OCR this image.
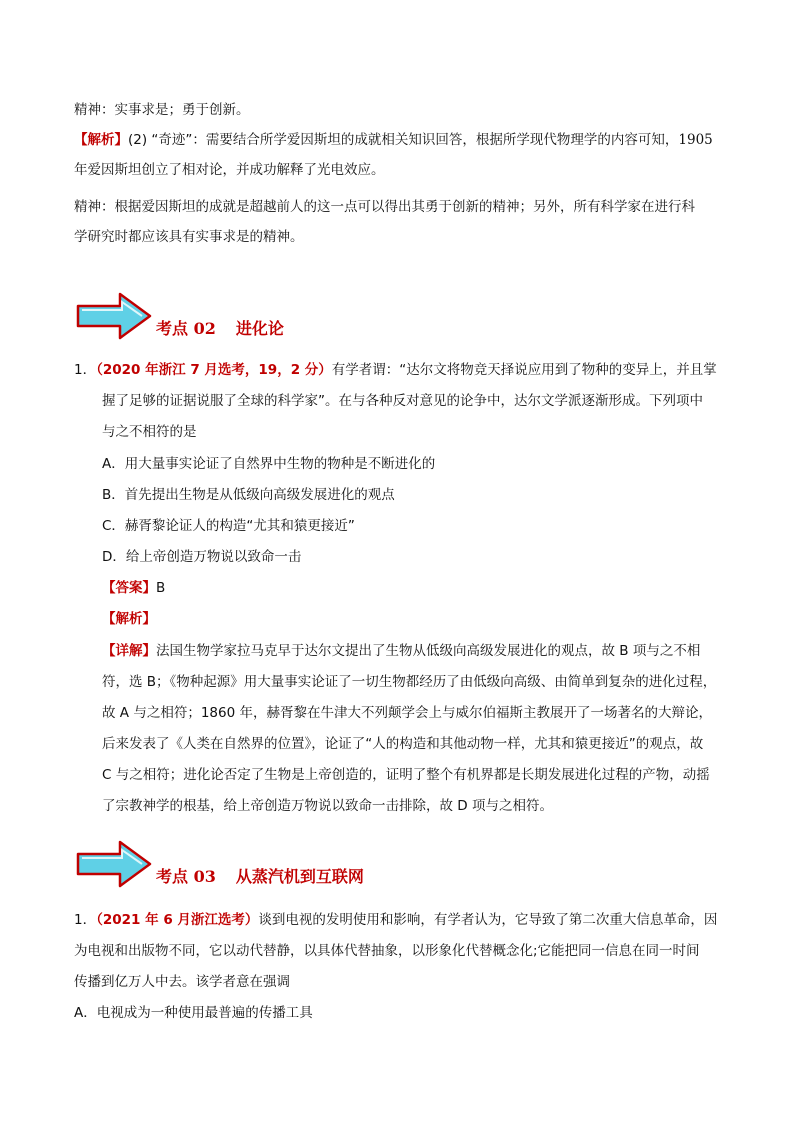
精神：实事求是；勇于创新。
【解析】(2) “奇迹”：需要结合所学爱因斯坦的成就相关知识回答，根据所学现代物理学的内容可知，1905
年爱因斯坦创立了相对论，并成功解释了光电效应。
精神：根据爱因斯坦的成就是超越前人的这一点可以得出其勇于创新的精神；另外，所有科学家在进行科
学研究时都应该具有实事求是的精神。
考点 02 进化论
1．（2020 年浙江 7 月选考，19，2 分）有学者谓：“达尔文将物竞天择说应用到了物种的变异上，并且掌
握了足够的证据说服了全球的科学家”。在与各种反对意见的论争中，达尔文学派逐渐形成。下列项中
与之不相符的是
A．用大量事实论证了自然界中生物的物种是不断进化的
B．首先提出生物是从低级向高级发展进化的观点
C．赫胥黎论证人的构造“尤其和猿更接近”
D．给上帝创造万物说以致命一击
【答案】B
【解析】
【详解】法国生物学家拉马克早于达尔文提出了生物从低级向高级发展进化的观点，故 B 项与之不相
符，选 B；《物种起源》用大量事实论证了一切生物都经历了由低级向高级、由简单到复杂的进化过程，
故 A 与之相符；1860 年，赫胥黎在牛津大不列颠学会上与威尔伯福斯主教展开了一场著名的大辩论，
后来发表了《人类在自然界的位置》，论证了“人的构造和其他动物一样，尤其和猿更接近”的观点，故
C 与之相符；进化论否定了生物是上帝创造的，证明了整个有机界都是长期发展进化过程的产物，动摇
了宗教神学的根基，给上帝创造万物说以致命一击排除，故 D 项与之相符。
考点 03 从蒸汽机到互联网
1．（2021 年 6 月浙江选考）谈到电视的发明使用和影响，有学者认为，它导致了第二次重大信息革命，因
为电视和出版物不同，它以动代替静，以具体代替抽象，以形象化代替概念化;它能把同一信息在同一时间
传播到亿万人中去。该学者意在强调
A．电视成为一种使用最普遍的传播工具
